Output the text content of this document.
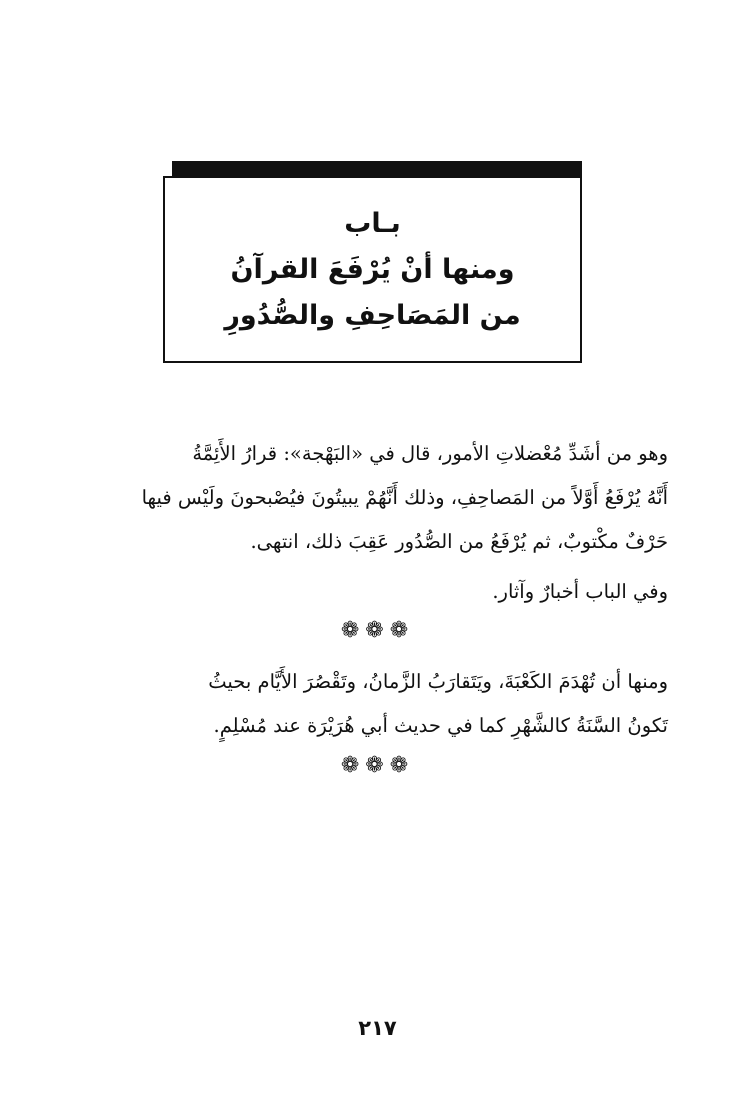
بـاب
ومنها أنْ يُرْفَعَ القرآنُ
من المَصَاحِفِ والصُّدُورِ
وهو من أشَدِّ مُعْضلاتِ الأمور، قال في «البَهْجة»: قرارُ الأَئِمَّةُ
أَنَّهُ يُرْفَعُ أَوَّلاً من المَصاحِفِ، وذلك أَنَّهُمْ يبيتُونَ فيُصْبحونَ ولَيْس فيها
حَرْفٌ مكْتوبٌ، ثم يُرْفَعُ من الصُّدُور عَقِبَ ذلك، انتهى.
وفي الباب أخبارٌ وآثار.
❁❁❁
ومنها أن تُهْدَمَ الكَعْبَةَ، ويَتَقارَبُ الزَّمانُ، وتَقْصُرَ الأَيَّام بحيثُ
تَكونُ السَّنَةُ كالشَّهْرِ كما في حديث أبي هُرَيْرَة عند مُسْلِمٍ.
❁❁❁
٢١٧
